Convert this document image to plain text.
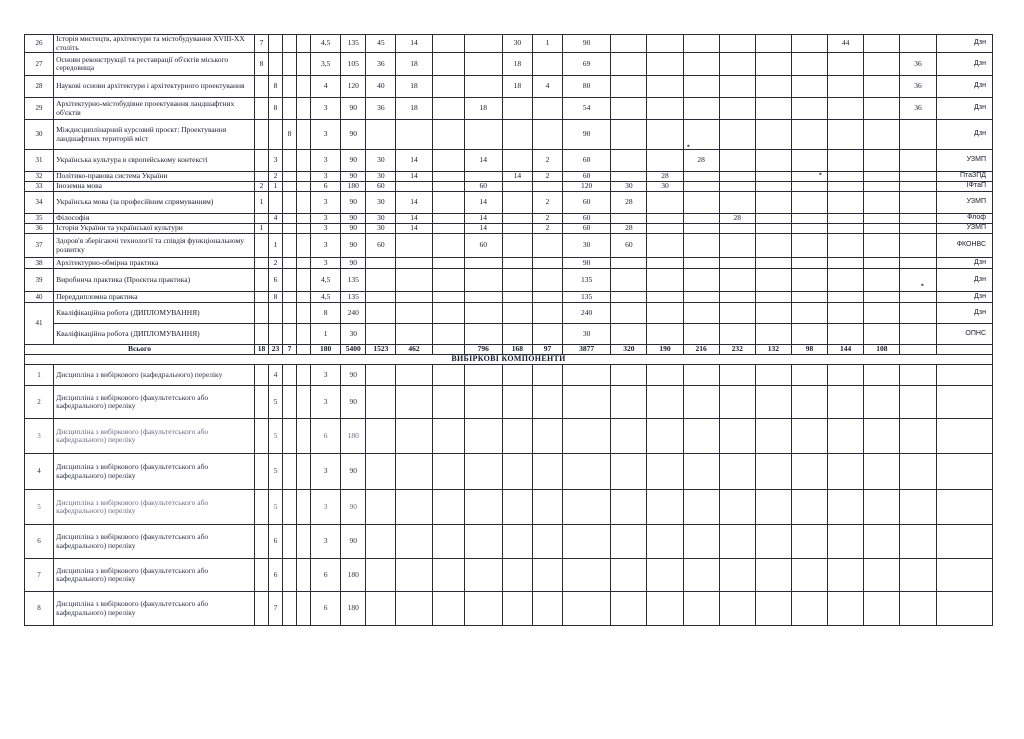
26	Історія мистецтв, архітектури та містобудування XVIII-XX століть	7				4,5	135	45	14			30	1	90							44			Дзн
27	Основи реконструкції та реставрації об'єктів міського середовища	8				3,5	105	36	18			18		69									36	Дзн
28	Наукові основи архітектури і архітектурного проектування		8			4	120	40	18			18	4	80									36	Дзн
29	Архітектурно-містобудівне проектування ландшафтних об'єктів		8			3	90	36	18		18			54									36	Дзн
30	Міждисциплінарний курсовий проєкт: Проектування ландшафтних територій міст			8		3	90							90										Дзн
31	Українська культура в європейському контексті		3			3	90	30	14		14		2	60			28							УЗМП
32	Політико-правова система України		2			3	90	30	14			14	2	60		28								ПтаЗПД
33	Іноземна мова	2	1			6	180	60			60			120	30	30								ІФтаП
34	Українська мова (за професійним спрямуванням)	1				3	90	30	14		14		2	60	28									УЗМП
35	Філософія		4			3	90	30	14		14		2	60				28						Флоф
36	Історія України та української культури	1				3	90	30	14		14		2	60	28									УЗМП
37	Здоров'я зберігаючі технології та співдія функціональному розвитку		1			3	90	60			60			30	60									ФКОНВС
38	Архітектурно-обмірна практика		2			3	90							90										Дзн
39	Виробнича практика (Проєктна практика)		6			4,5	135							135										Дзн
40	Переддипломна практика		8			4,5	135							135										Дзн
41	Кваліфікаційна робота (ДИПЛОМУВАННЯ)					8	240							240										Дзн
	Кваліфікаційна робота (ДИПЛОМУВАННЯ)					1	30							30										ОПНС
Всього		18	23	7		180	5400	1523	462		796	168	97	3877	320	190	216	232	132	98	144	108		
ВИБІРКОВІ КОМПОНЕНТИ																								
1	Дисципліна з вибіркового (кафедрального) переліку		4			3	90																	
2	Дисципліна з вибіркового (факультетського або кафедрального) переліку		5			3	90																	
3	Дисципліна з вибіркового (факультетського або кафедрального) переліку		5			6	180																	
4	Дисципліна з вибіркового (факультетського або кафедрального) переліку		5			3	90																	
5	Дисципліна з вибіркового (факультетського або кафедрального) переліку		5			3	90																	
6	Дисципліна з вибіркового (факультетського або кафедрального) переліку		6			3	90																	
7	Дисципліна з вибіркового (факультетського або кафедрального) переліку		6			6	180																	
8	Дисципліна з вибіркового (факультетського або кафедрального) переліку		7			6	180																	
•
•
•
